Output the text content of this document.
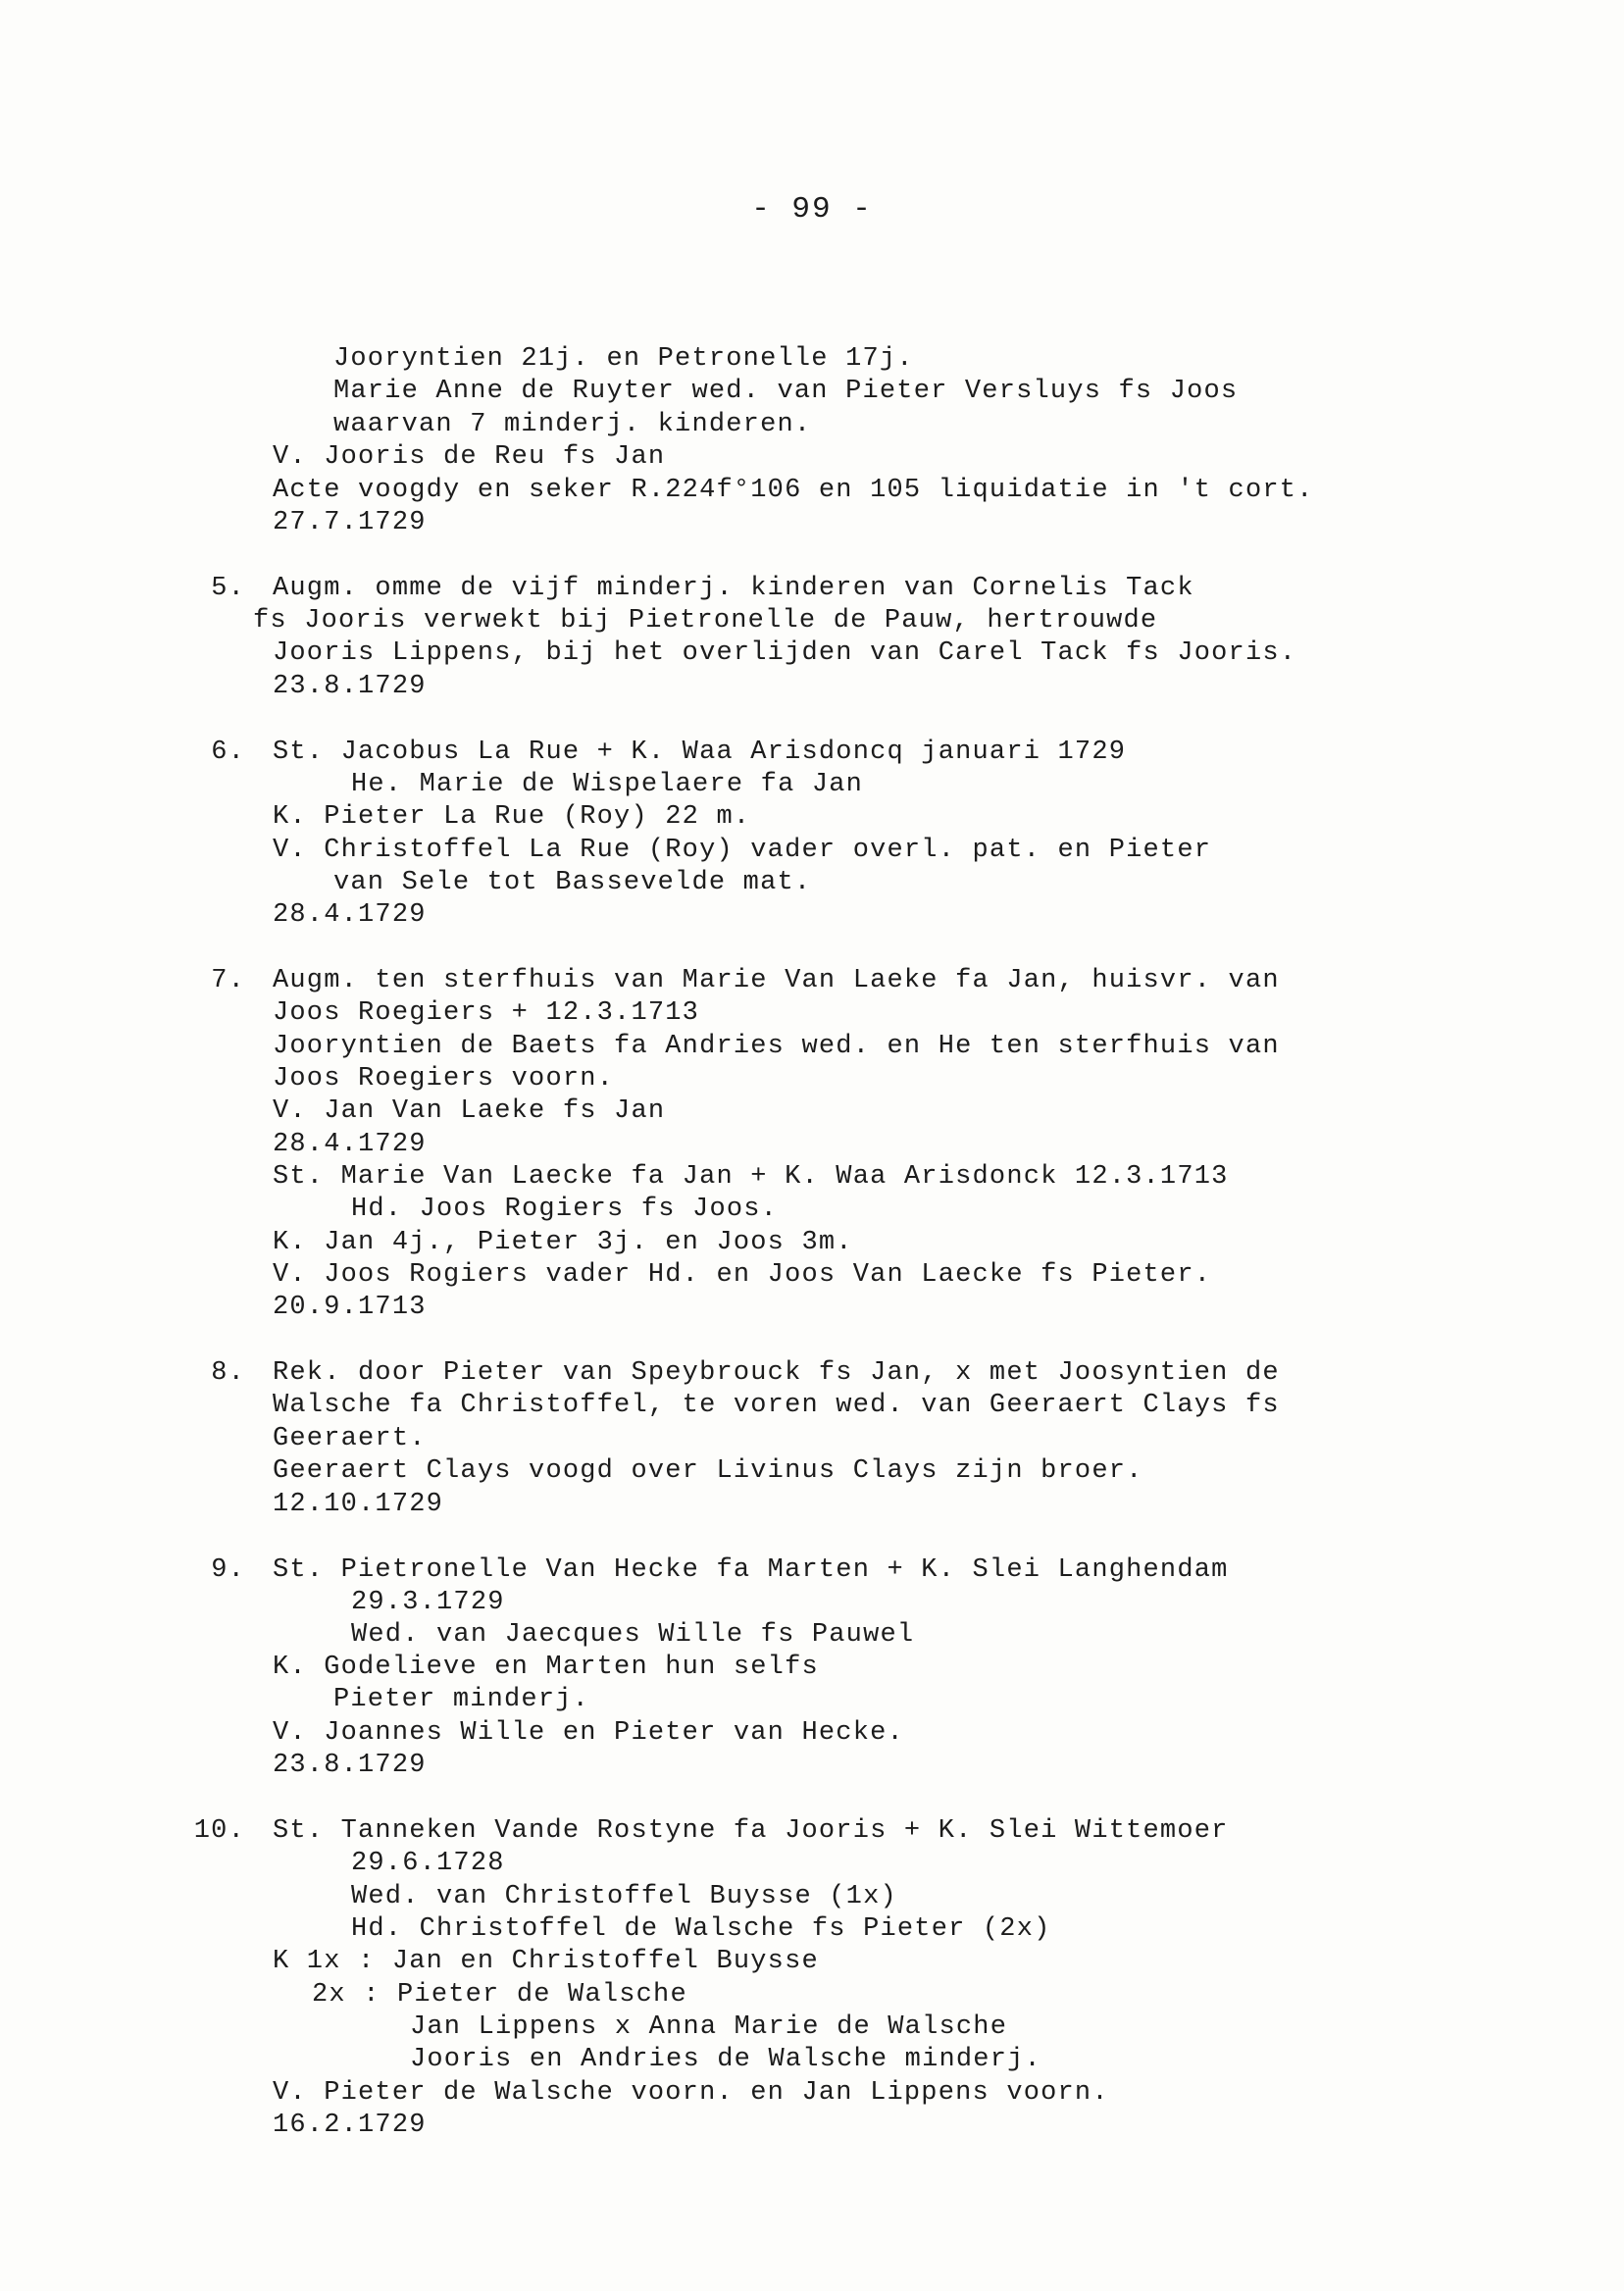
- 99 -
Jooryntien 21j. en Petronelle 17j.
Marie Anne de Ruyter wed. van Pieter Versluys fs Joos
waarvan 7 minderj. kinderen.
V. Jooris de Reu fs Jan
Acte voogdy en seker R.224f°106 en 105 liquidatie in 't cort.
27.7.1729
5. Augm. omme de vijf minderj. kinderen van Cornelis Tack
fs Jooris verwekt bij Pietronelle de Pauw, hertrouwde
Jooris Lippens, bij het overlijden van Carel Tack fs Jooris.
23.8.1729
6. St. Jacobus La Rue + K. Waa Arisdoncq januari 1729
He. Marie de Wispelaere fa Jan
K. Pieter La Rue (Roy) 22 m.
V. Christoffel La Rue (Roy) vader overl. pat. en Pieter
van Sele tot Basseveldе mat.
28.4.1729
7. Augm. ten sterfhuis van Marie Van Laeke fa Jan, huisvr. van
Joos Roegiers + 12.3.1713
Jooryntien de Baets fa Andries wed. en He ten sterfhuis van
Joos Roegiers voorn.
V. Jan Van Laeke fs Jan
28.4.1729
St. Marie Van Laecke fa Jan + K. Waa Arisdonck 12.3.1713
Hd. Joos Rogiers fs Joos.
K. Jan 4j., Pieter 3j. en Joos 3m.
V. Joos Rogiers vader Hd. en Joos Van Laecke fs Pieter.
20.9.1713
8. Rek. door Pieter van Speybrouck fs Jan, x met Joosyntien de
Walsche fa Christoffel, te voren wed. van Geeraert Clays fs
Geeraert.
Geeraert Clays voogd over Livinus Clays zijn broer.
12.10.1729
9. St. Pietronelle Van Hecke fa Marten + K. Slei Langhendam
29.3.1729
Wed. van Jaecques Wille fs Pauwel
K. Godelieve en Marten hun selfs
Pieter minderj.
V. Joannes Wille en Pieter van Hecke.
23.8.1729
10. St. Tanneken Vande Rostyne fa Jooris + K. Slei Wittemoer
29.6.1728
Wed. van Christoffel Buysse (1x)
Hd. Christoffel de Walsche fs Pieter (2x)
K 1x : Jan en Christoffel Buysse
2x : Pieter de Walsche
Jan Lippens x Anna Marie de Walsche
Jooris en Andries de Walsche minderj.
V. Pieter de Walsche voorn. en Jan Lippens voorn.
16.2.1729
